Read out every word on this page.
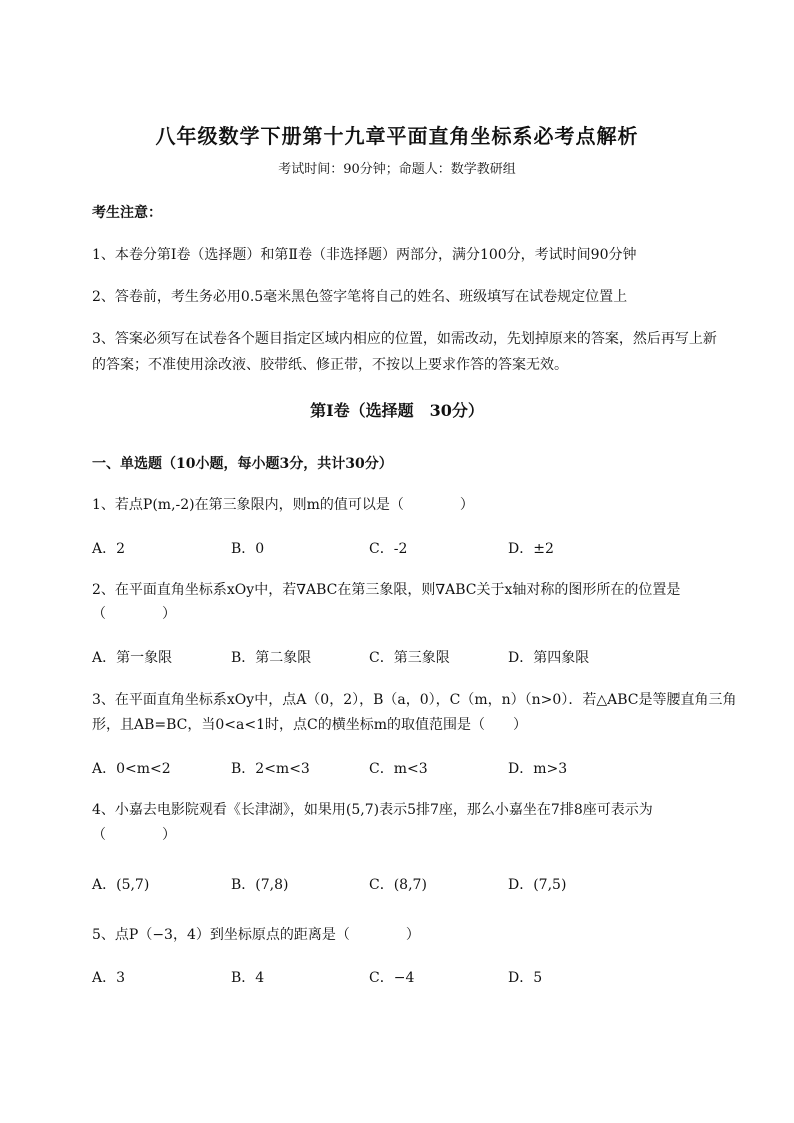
八年级数学下册第十九章平面直角坐标系必考点解析
考试时间：90分钟；命题人：数学教研组
考生注意：
1、本卷分第I卷（选择题）和第Ⅱ卷（非选择题）两部分，满分100分，考试时间90分钟
2、答卷前，考生务必用0.5毫米黑色签字笔将自己的姓名、班级填写在试卷规定位置上
3、答案必须写在试卷各个题目指定区域内相应的位置，如需改动，先划掉原来的答案，然后再写上新
的答案；不准使用涂改液、胶带纸、修正带，不按以上要求作答的答案无效。
第I卷（选择题　30分）
一、单选题（10小题，每小题3分，共计30分）
1、若点P(m,-2)在第三象限内，则m的值可以是（　　　　）
A．2	B．0	C．-2	D．±2
2、在平面直角坐标系xOy中，若∇ABC在第三象限，则∇ABC关于x轴对称的图形所在的位置是
（　　　　）
A．第一象限	B．第二象限	C．第三象限	D．第四象限
3、在平面直角坐标系xOy中，点A（0，2），B（a，0），C（m，n）（n>0）．若△ABC是等腰直角三角
形，且AB=BC，当0<a<1时，点C的横坐标m的取值范围是（　　）
A．0<m<2	B．2<m<3	C．m<3	D．m>3
4、小嘉去电影院观看《长津湖》，如果用(5,7)表示5排7座，那么小嘉坐在7排8座可表示为
（　　　　）
A．(5,7)	B．(7,8)	C．(8,7)	D．(7,5)
5、点P（−3，4）到坐标原点的距离是（　　　　）
A．3	B．4	C．−4	D．5
